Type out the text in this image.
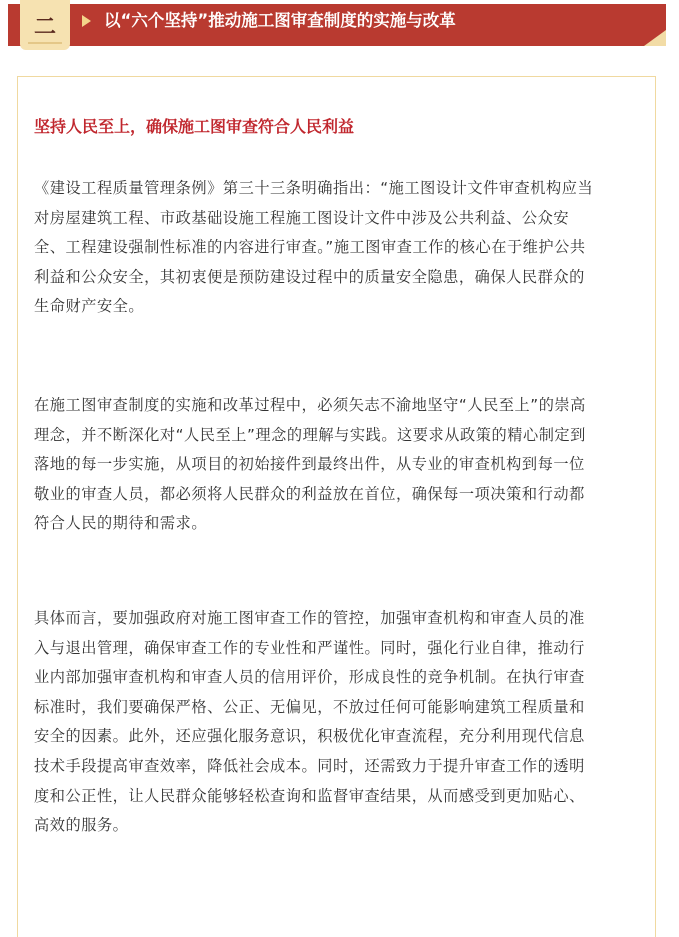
二	以“六个坚持”推动施工图审查制度的实施与改革
坚持人民至上，确保施工图审查符合人民利益

《建设工程质量管理条例》第三十三条明确指出：“施工图设计文件审查机构应当
对房屋建筑工程、市政基础设施工程施工图设计文件中涉及公共利益、公众安
全、工程建设强制性标准的内容进行审查。”施工图审查工作的核心在于维护公共
利益和公众安全，其初衷便是预防建设过程中的质量安全隐患，确保人民群众的
生命财产安全。

在施工图审查制度的实施和改革过程中，必须矢志不渝地坚守“人民至上”的崇高
理念，并不断深化对“人民至上”理念的理解与实践。这要求从政策的精心制定到
落地的每一步实施，从项目的初始接件到最终出件，从专业的审查机构到每一位
敬业的审查人员，都必须将人民群众的利益放在首位，确保每一项决策和行动都
符合人民的期待和需求。

具体而言，要加强政府对施工图审查工作的管控，加强审查机构和审查人员的准
入与退出管理，确保审查工作的专业性和严谨性。同时，强化行业自律，推动行
业内部加强审查机构和审查人员的信用评价，形成良性的竞争机制。在执行审查
标准时，我们要确保严格、公正、无偏见，不放过任何可能影响建筑工程质量和
安全的因素。此外，还应强化服务意识，积极优化审查流程，充分利用现代信息
技术手段提高审查效率，降低社会成本。同时，还需致力于提升审查工作的透明
度和公正性，让人民群众能够轻松查询和监督审查结果，从而感受到更加贴心、
高效的服务。
